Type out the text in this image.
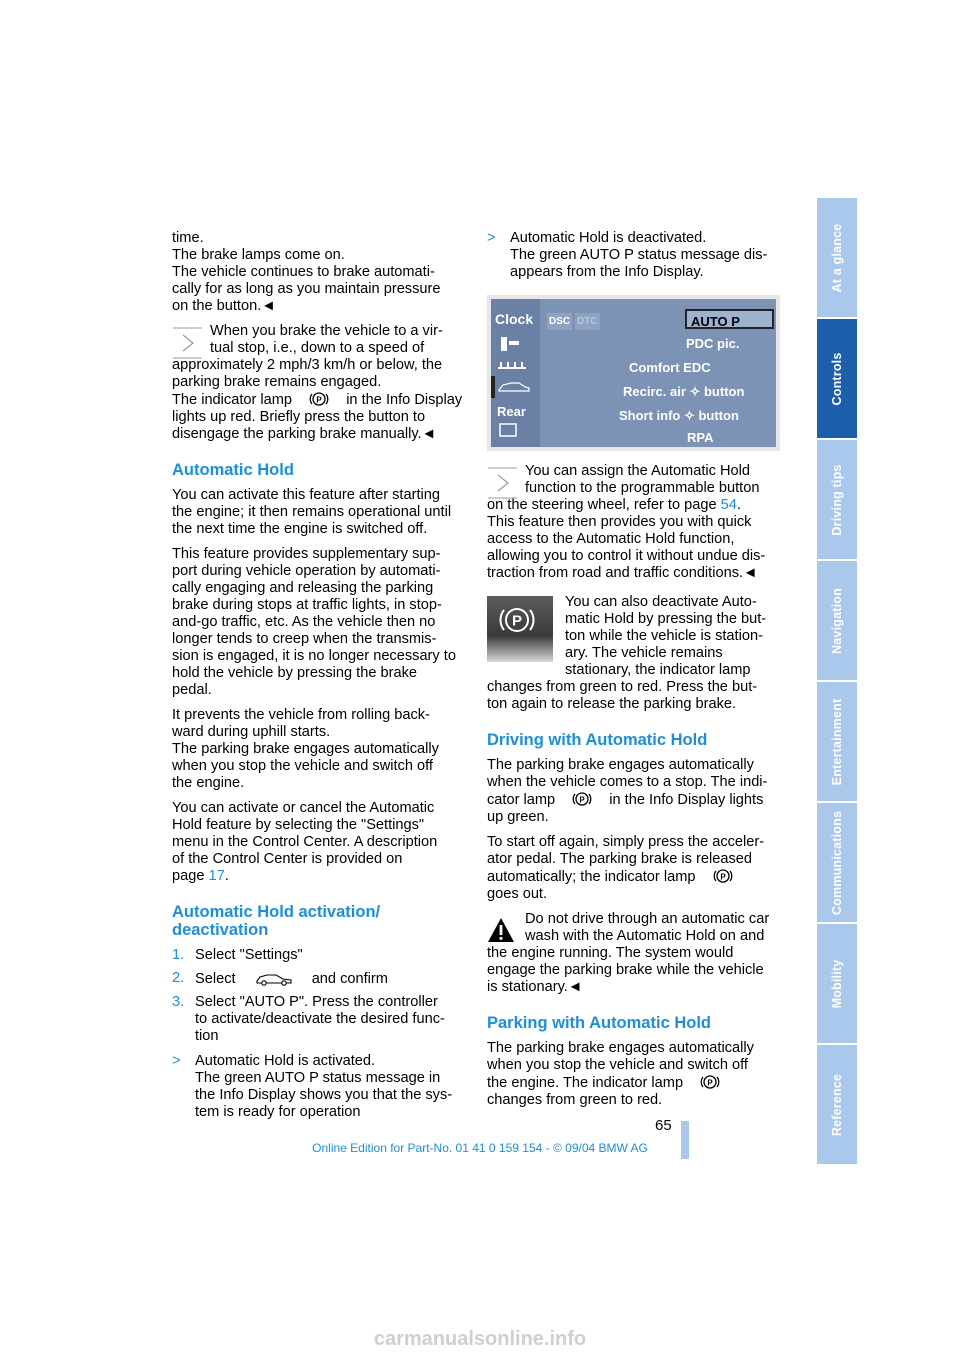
time.
The brake lamps come on.
The vehicle continues to brake automati-
cally for as long as you maintain pressure
on the button.◄
When you brake the vehicle to a vir-
tual stop, i.e., down to a speed of
approximately 2 mph/3 km/h or below, the
parking brake remains engaged.
The indicator lamp	P in the Info Display
lights up red. Briefly press the button to
disengage the parking brake manually.◄
Automatic Hold
You can activate this feature after starting
the engine; it then remains operational until
the next time the engine is switched off.
This feature provides supplementary sup-
port during vehicle operation by automati-
cally engaging and releasing the parking
brake during stops at traffic lights, in stop-
and-go traffic, etc. As the vehicle then no
longer tends to creep when the transmis-
sion is engaged, it is no longer necessary to
hold the vehicle by pressing the brake
pedal.
It prevents the vehicle from rolling back-
ward during uphill starts.
The parking brake engages automatically
when you stop the vehicle and switch off
the engine.
You can activate or cancel the Automatic
Hold feature by selecting the "Settings"
menu in the Control Center. A description
of the Control Center is provided on
page 17.
Automatic Hold activation/
deactivation
1. Select "Settings"
2. Select	and confirm
3. Select "AUTO P". Press the controller
to activate/deactivate the desired func-
tion
> Automatic Hold is activated.
The green AUTO P status message in
the Info Display shows you that the sys-
tem is ready for operation
> Automatic Hold is deactivated.
The green AUTO P status message dis-
appears from the Info Display.
Clock
Rear
DSC DTC	AUTO P
PDC pic.
Comfort EDC
Recirc. air ✧ button
Short info ✧ button
RPA
You can assign the Automatic Hold
function to the programmable button
on the steering wheel, refer to page 54.
This feature then provides you with quick
access to the Automatic Hold function,
allowing you to control it without undue dis-
traction from road and traffic conditions.◄
P
You can also deactivate Auto-
matic Hold by pressing the but-
ton while the vehicle is station-
ary. The vehicle remains
stationary, the indicator lamp
changes from green to red. Press the but-
ton again to release the parking brake.
Driving with Automatic Hold
The parking brake engages automatically
when the vehicle comes to a stop. The indi-
cator lamp	P in the Info Display lights
up green.
To start off again, simply press the acceler-
ator pedal. The parking brake is released
automatically; the indicator lamp	P
goes out.
Do not drive through an automatic car
wash with the Automatic Hold on and
the engine running. The system would
engage the parking brake while the vehicle
is stationary.◄
Parking with Automatic Hold
The parking brake engages automatically
when you stop the vehicle and switch off
the engine. The indicator lamp	P
changes from green to red.
At a glance
Controls
Driving tips
Navigation
Entertainment
Communications
Mobility
Reference
65
Online Edition for Part-No. 01 41 0 159 154 - © 09/04 BMW AG
carmanualsonline.info
